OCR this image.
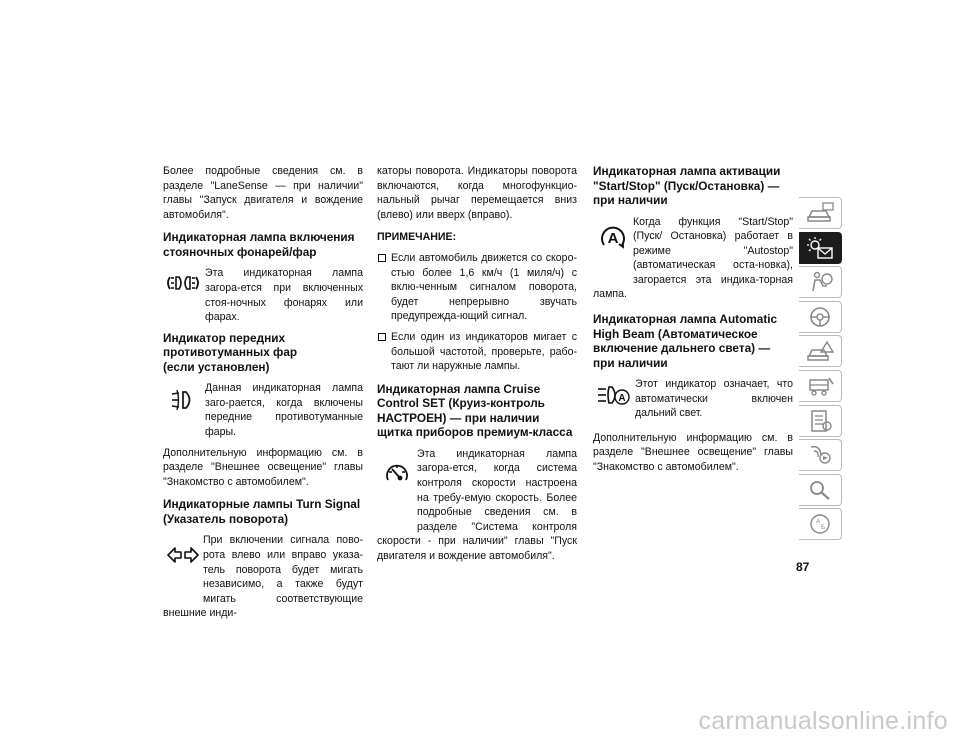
Более подробные сведения см. в разделе "LaneSense — при наличии" главы "Запуск двигателя и вождение автомобиля".

Индикаторная лампа включения стояночных фонарей/фар
Эта индикаторная лампа загора-ется при включенных стоя-ночных фонарях или фарах.
Индикатор передних
противотуманных фар
(если установлен)
Данная индикаторная лампа заго-рается, когда включены передние противотуманные фары.

Дополнительную информацию см. в разделе "Внешнее освещение" главы "Знакомство с автомобилем".

Индикаторные лампы Turn Signal (Указатель поворота)
При включении сигнала пово-рота влево или вправо указа-тель поворота будет мигать независимо, а также будут мигать соответствующие внешние инди-

каторы поворота. Индикаторы поворота включаются, когда многофункцио-нальный рычаг перемещается вниз (влево) или вверх (вправо).

ПРИМЕЧАНИЕ:
Если автомобиль движется со скоро-стью более 1,6 км/ч (1 миля/ч) с вклю-ченным сигналом поворота, будет непрерывно звучать предупрежда-ющий сигнал.
Если один из индикаторов мигает с большой частотой, проверьте, рабо-тают ли наружные лампы.
Индикаторная лампа Cruise Control SET (Круиз-контроль НАСТРОЕН) — при наличии щитка приборов премиум-класса
Эта индикаторная лампа загора-ется, когда система контроля скорости настроена на требу-емую скорость. Более подробные сведения см. в разделе "Система контроля скорости - при наличии" главы "Пуск двигателя и вождение автомобиля".
Индикаторная лампа активации "Start/Stop" (Пуск/Остановка) — при наличии
A
Когда функция "Start/Stop" (Пуск/ Остановка) работает в режиме "Autostop" (автоматическая оста-новка), загорается эта индика-торная лампа.
Индикаторная лампа Automatic High Beam (Автоматическое включение дальнего света) — при наличии
A
Этот индикатор означает, что автоматически включен дальний свет.

Дополнительную информацию см. в разделе "Внешнее освещение" главы "Знакомство с автомобилем".

A
Б
87
carmanualsonline.info
